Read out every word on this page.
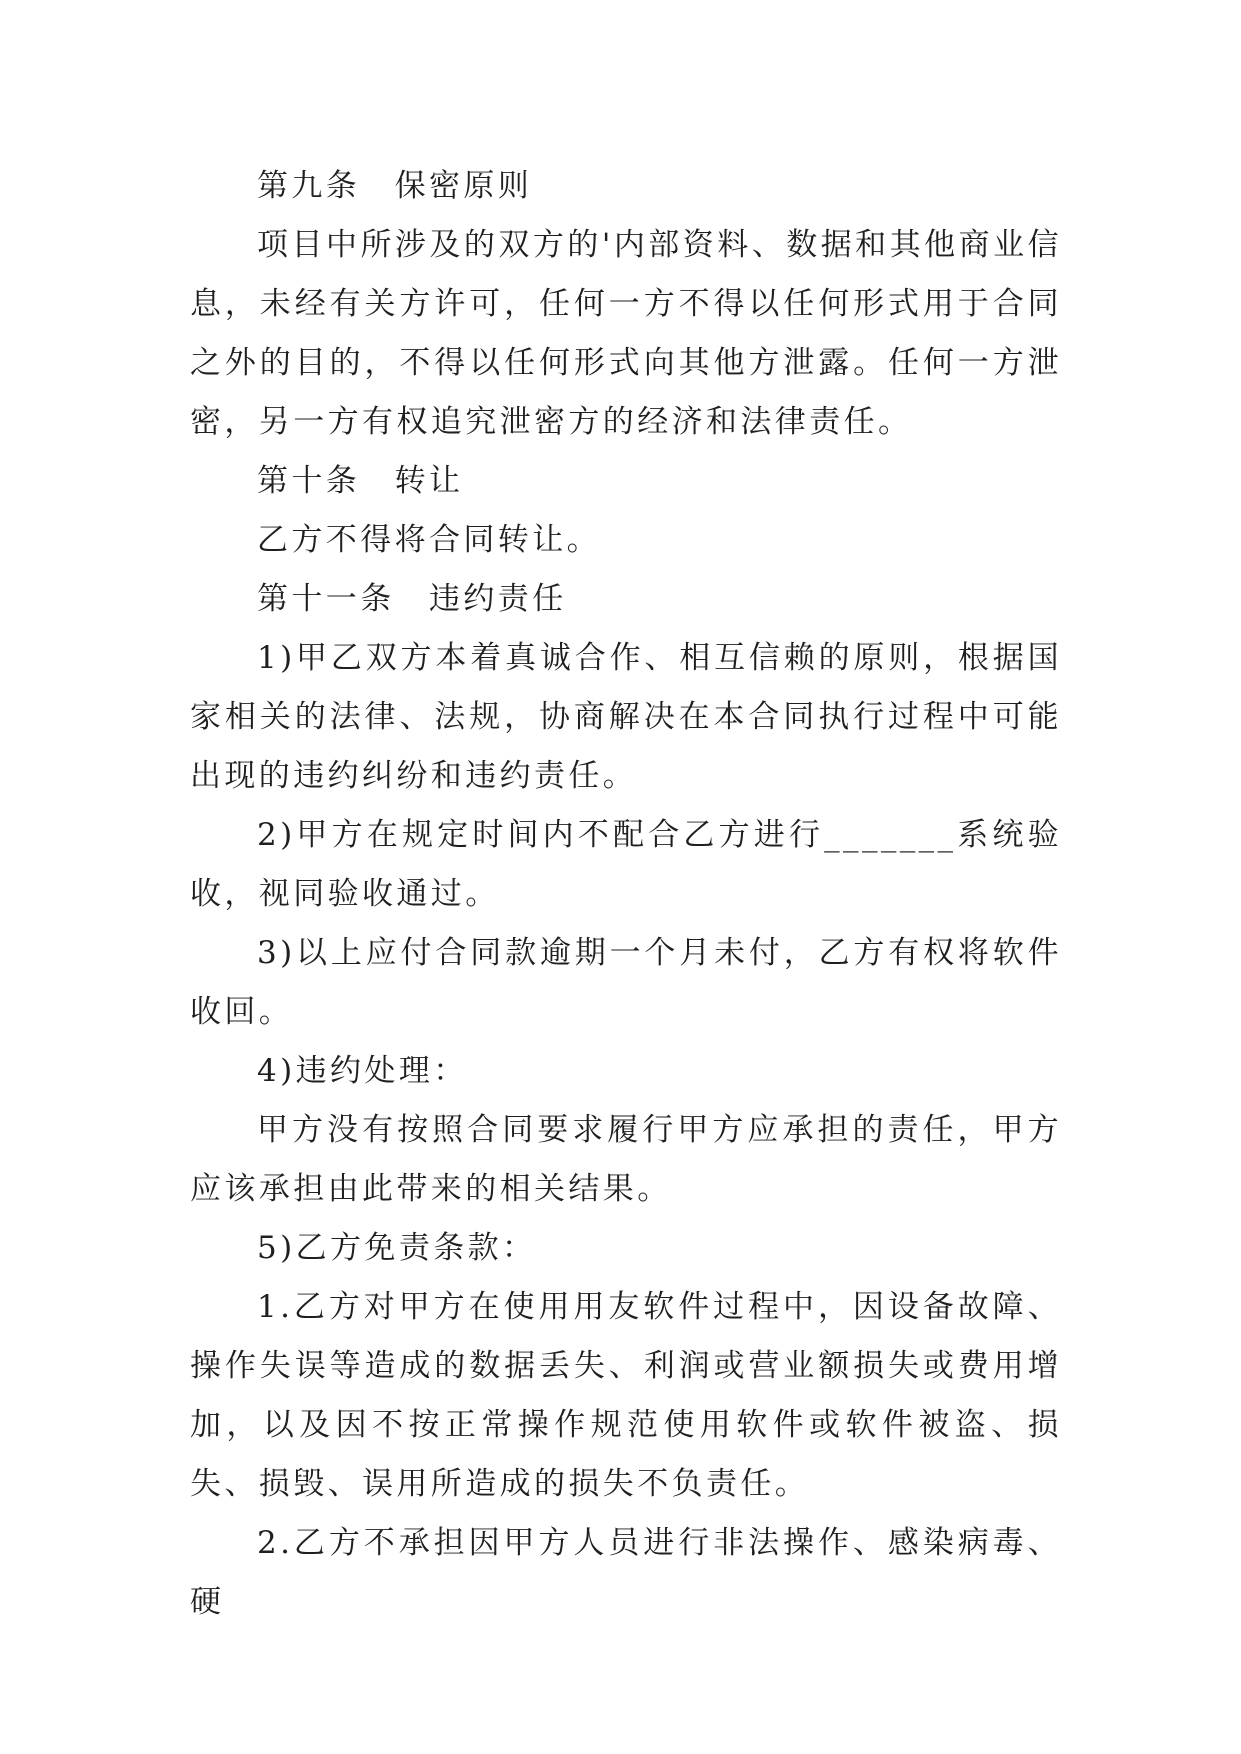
第九条　保密原则

项目中所涉及的双方的'内部资料、数据和其他商业信息，未经有关方许可，任何一方不得以任何形式用于合同之外的目的，不得以任何形式向其他方泄露。任何一方泄密，另一方有权追究泄密方的经济和法律责任。

第十条　转让

乙方不得将合同转让。

第十一条　违约责任

1)甲乙双方本着真诚合作、相互信赖的原则，根据国家相关的法律、法规，协商解决在本合同执行过程中可能出现的违约纠纷和违约责任。

2)甲方在规定时间内不配合乙方进行_______系统验收，视同验收通过。

3)以上应付合同款逾期一个月未付，乙方有权将软件收回。

4)违约处理：

甲方没有按照合同要求履行甲方应承担的责任，甲方应该承担由此带来的相关结果。

5)乙方免责条款：

1.乙方对甲方在使用用友软件过程中，因设备故障、操作失误等造成的数据丢失、利润或营业额损失或费用增加，以及因不按正常操作规范使用软件或软件被盗、损失、损毁、误用所造成的损失不负责任。

2.乙方不承担因甲方人员进行非法操作、感染病毒、硬
